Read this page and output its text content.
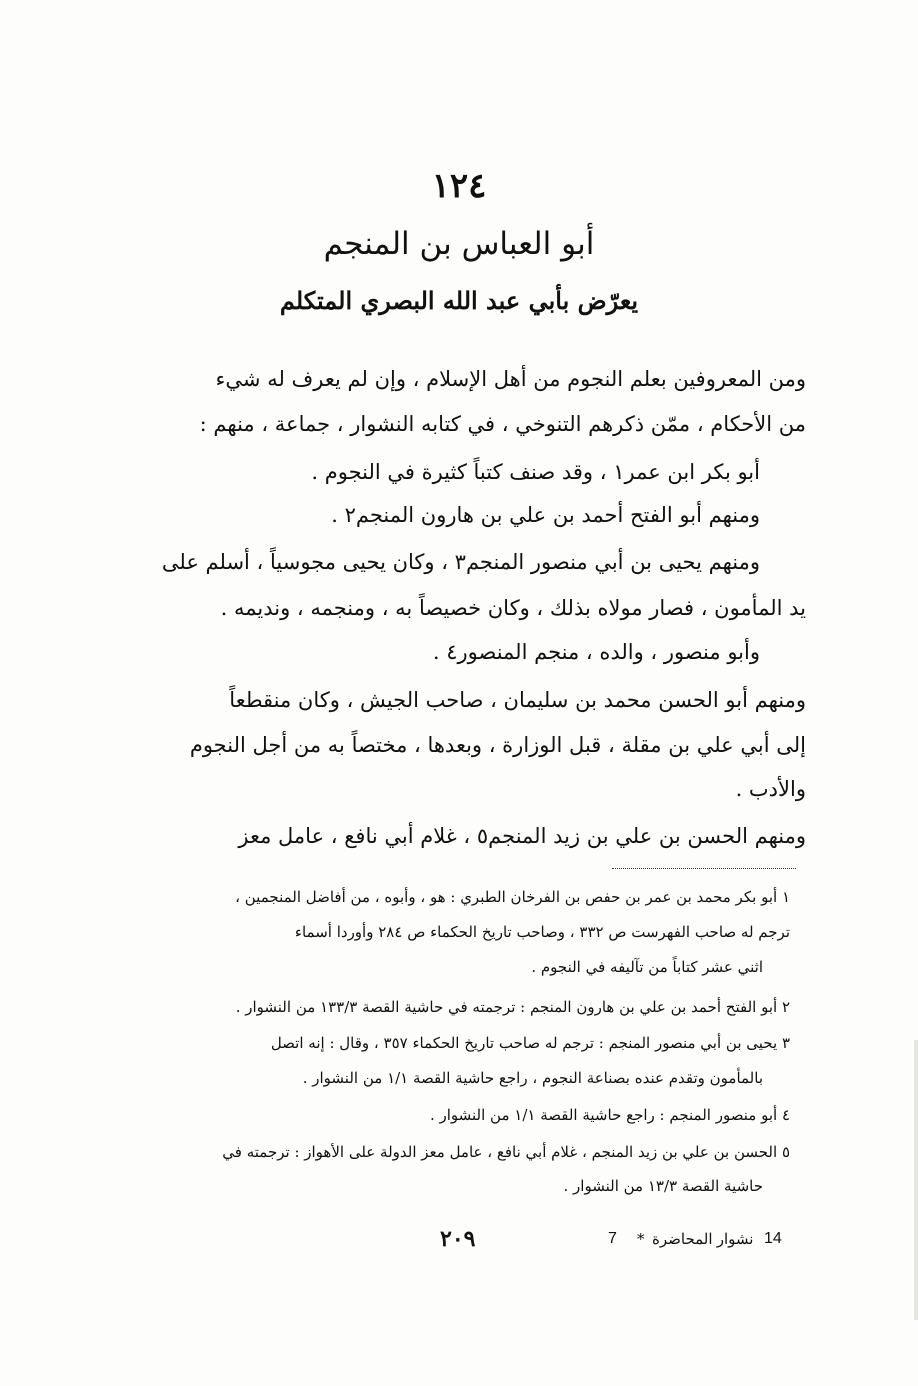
١٢٤
أبو العباس بن المنجم
يعرّض بأبي عبد الله البصري المتكلم
ومن المعروفين بعلم النجوم من أهل الإسلام ، وإن لم يعرف له شيء
من الأحكام ، ممّن ذكرهم التنوخي ، في كتابه النشوار ، جماعة ، منهم :
أبو بكر ابن عمر١ ، وقد صنف كتباً كثيرة في النجوم .
ومنهم أبو الفتح أحمد بن علي بن هارون المنجم٢ .
ومنهم يحيى بن أبي منصور المنجم٣ ، وكان يحيى مجوسياً ، أسلم على
يد المأمون ، فصار مولاه بذلك ، وكان خصيصاً به ، ومنجمه ، ونديمه .
وأبو منصور ، والده ، منجم المنصور٤ .
ومنهم أبو الحسن محمد بن سليمان ، صاحب الجيش ، وكان منقطعاً
إلى أبي علي بن مقلة ، قبل الوزارة ، وبعدها ، مختصاً به من أجل النجوم
والأدب .
ومنهم الحسن بن علي بن زيد المنجم٥ ، غلام أبي نافع ، عامل معز
١ أبو بكر محمد بن عمر بن حفص بن الفرخان الطبري : هو ، وأبوه ، من أفاضل المنجمين ،
ترجم له صاحب الفهرست ص ٣٣٢ ، وصاحب تاريخ الحكماء ص ٢٨٤ وأوردا أسماء
اثني عشر كتاباً من تآليفه في النجوم .
٢ أبو الفتح أحمد بن علي بن هارون المنجم : ترجمته في حاشية القصة ١٣٣/٣ من النشوار .
٣ يحيى بن أبي منصور المنجم : ترجم له صاحب تاريخ الحكماء ٣٥٧ ، وقال : إنه اتصل
بالمأمون وتقدم عنده بصناعة النجوم ، راجع حاشية القصة ١/١ من النشوار .
٤ أبو منصور المنجم : راجع حاشية القصة ١/١ من النشوار .
٥ الحسن بن علي بن زيد المنجم ، غلام أبي نافع ، عامل معز الدولة على الأهواز : ترجمته في
حاشية القصة ١٣/٣ من النشوار .
٢٠٩	7 * نشوار المحاضرة 14
